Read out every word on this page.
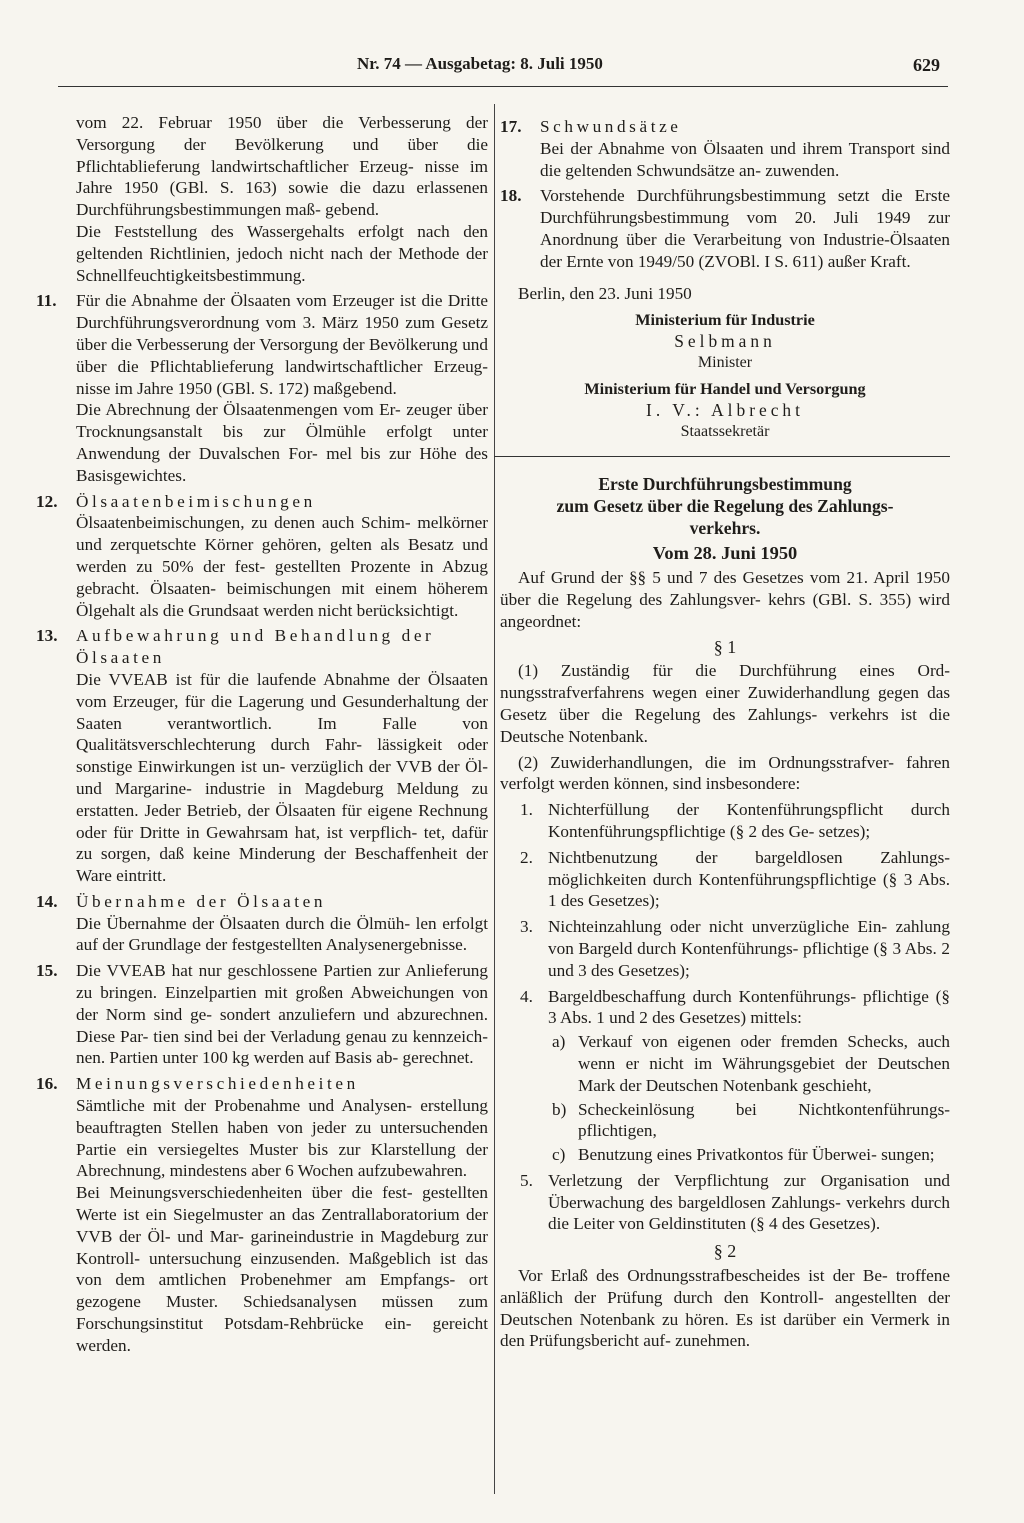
Nr. 74 — Ausgabetag: 8. Juli 1950	629

vom 22. Februar 1950 über die Verbesserung der Versorgung der Bevölkerung und über die Pflichtablieferung landwirtschaftlicher Erzeug- nisse im Jahre 1950 (GBl. S. 163) sowie die dazu erlassenen Durchführungsbestimmungen maß- gebend.

Die Feststellung des Wassergehalts erfolgt nach den geltenden Richtlinien, jedoch nicht nach der Methode der Schnellfeuchtigkeitsbestimmung.

11. Für die Abnahme der Ölsaaten vom Erzeuger ist die Dritte Durchführungsverordnung vom 3. März 1950 zum Gesetz über die Verbesserung der Versorgung der Bevölkerung und über die Pflichtablieferung landwirtschaftlicher Erzeug- nisse im Jahre 1950 (GBl. S. 172) maßgebend.

Die Abrechnung der Ölsaatenmengen vom Er- zeuger über Trocknungsanstalt bis zur Ölmühle erfolgt unter Anwendung der Duvalschen For- mel bis zur Höhe des Basisgewichtes.

12. Ölsaatenbeimischungen

Ölsaatenbeimischungen, zu denen auch Schim- melkörner und zerquetschte Körner gehören, gelten als Besatz und werden zu 50% der fest- gestellten Prozente in Abzug gebracht. Ölsaaten- beimischungen mit einem höherem Ölgehalt als die Grundsaat werden nicht berücksichtigt.

13. Aufbewahrung und Behandlung der Ölsaaten

Die VVEAB ist für die laufende Abnahme der Ölsaaten vom Erzeuger, für die Lagerung und Gesunderhaltung der Saaten verantwortlich. Im	Falle von Qualitätsverschlechterung durch Fahr- lässigkeit oder sonstige Einwirkungen ist un- verzüglich der VVB der Öl- und Margarine- industrie in Magdeburg Meldung zu erstatten. Jeder Betrieb, der Ölsaaten für eigene Rechnung oder für Dritte in Gewahrsam hat, ist verpflich- tet, dafür zu sorgen, daß keine Minderung der Beschaffenheit der Ware eintritt.

14. Übernahme der Ölsaaten

Die Übernahme der Ölsaaten durch die Ölmüh- len erfolgt auf der Grundlage der festgestellten Analysenergebnisse.

15. Die VVEAB hat nur geschlossene Partien zur Anlieferung zu bringen. Einzelpartien mit großen Abweichungen von der Norm sind ge- sondert anzuliefern und abzurechnen. Diese Par- tien sind bei der Verladung genau zu kennzeich- nen. Partien unter 100 kg werden auf Basis ab- gerechnet.

16. Meinungsverschiedenheiten

Sämtliche mit der Probenahme und Analysen- erstellung beauftragten Stellen haben von jeder zu untersuchenden Partie ein versiegeltes Muster bis zur Klarstellung der Abrechnung, mindestens aber 6 Wochen aufzubewahren.

Bei Meinungsverschiedenheiten über die fest- gestellten Werte ist ein Siegelmuster an das Zentrallaboratorium der VVB der Öl- und Mar- garineindustrie in Magdeburg zur Kontroll- untersuchung einzusenden. Maßgeblich ist das von dem amtlichen Probenehmer am Empfangs- ort gezogene Muster. Schiedsanalysen müssen zum Forschungsinstitut Potsdam-Rehbrücke ein- gereicht werden.

17. Schwundsätze

Bei der Abnahme von Ölsaaten und ihrem Transport sind die geltenden Schwundsätze an- zuwenden.

18. Vorstehende Durchführungsbestimmung setzt die Erste Durchführungsbestimmung vom 20. Juli 1949 zur Anordnung über die Verarbeitung von Industrie-Ölsaaten der Ernte von 1949/50 (ZVOBl. I S. 611) außer Kraft.

Berlin, den 23. Juni 1950

Ministerium für Industrie
Selbmann
Minister
Ministerium für Handel und Versorgung
I. V.: Albrecht
Staatssekretär
Erste Durchführungsbestimmung
zum Gesetz über die Regelung des Zahlungs-
verkehrs.
Vom 28. Juni 1950

Auf Grund der §§ 5 und 7 des Gesetzes vom 21. April 1950 über die Regelung des Zahlungsver- kehrs (GBl. S. 355) wird angeordnet:

§ 1

(1) Zuständig für die Durchführung eines Ord- nungsstrafverfahrens wegen einer Zuwiderhandlung gegen das Gesetz über die Regelung des Zahlungs- verkehrs ist die Deutsche Notenbank.

(2) Zuwiderhandlungen, die im Ordnungsstrafver- fahren verfolgt werden können, sind insbesondere:

1. Nichterfüllung der Kontenführungspflicht durch Kontenführungspflichtige (§ 2 des Ge- setzes);

2. Nichtbenutzung der bargeldlosen Zahlungs- möglichkeiten durch Kontenführungspflichtige (§ 3 Abs. 1 des Gesetzes);

3. Nichteinzahlung oder nicht unverzügliche Ein- zahlung von Bargeld durch Kontenführungs- pflichtige (§ 3 Abs. 2 und 3 des Gesetzes);

4. Bargeldbeschaffung durch Kontenführungs- pflichtige (§ 3 Abs. 1 und 2 des Gesetzes) mittels:

a) Verkauf von eigenen oder fremden Schecks, auch wenn er nicht im Währungsgebiet der Deutschen Mark der Deutschen Notenbank geschieht,

b) Scheckeinlösung bei Nichtkontenführungs- pflichtigen,

c) Benutzung eines Privatkontos für Überwei- sungen;

5. Verletzung der Verpflichtung zur Organisation und Überwachung des bargeldlosen Zahlungs- verkehrs durch die Leiter von Geldinstituten (§ 4 des Gesetzes).

§ 2

Vor Erlaß des Ordnungsstrafbescheides ist der Be- troffene anläßlich der Prüfung durch den Kontroll- angestellten der Deutschen Notenbank zu hören. Es ist darüber ein Vermerk in den Prüfungsbericht auf- zunehmen.
